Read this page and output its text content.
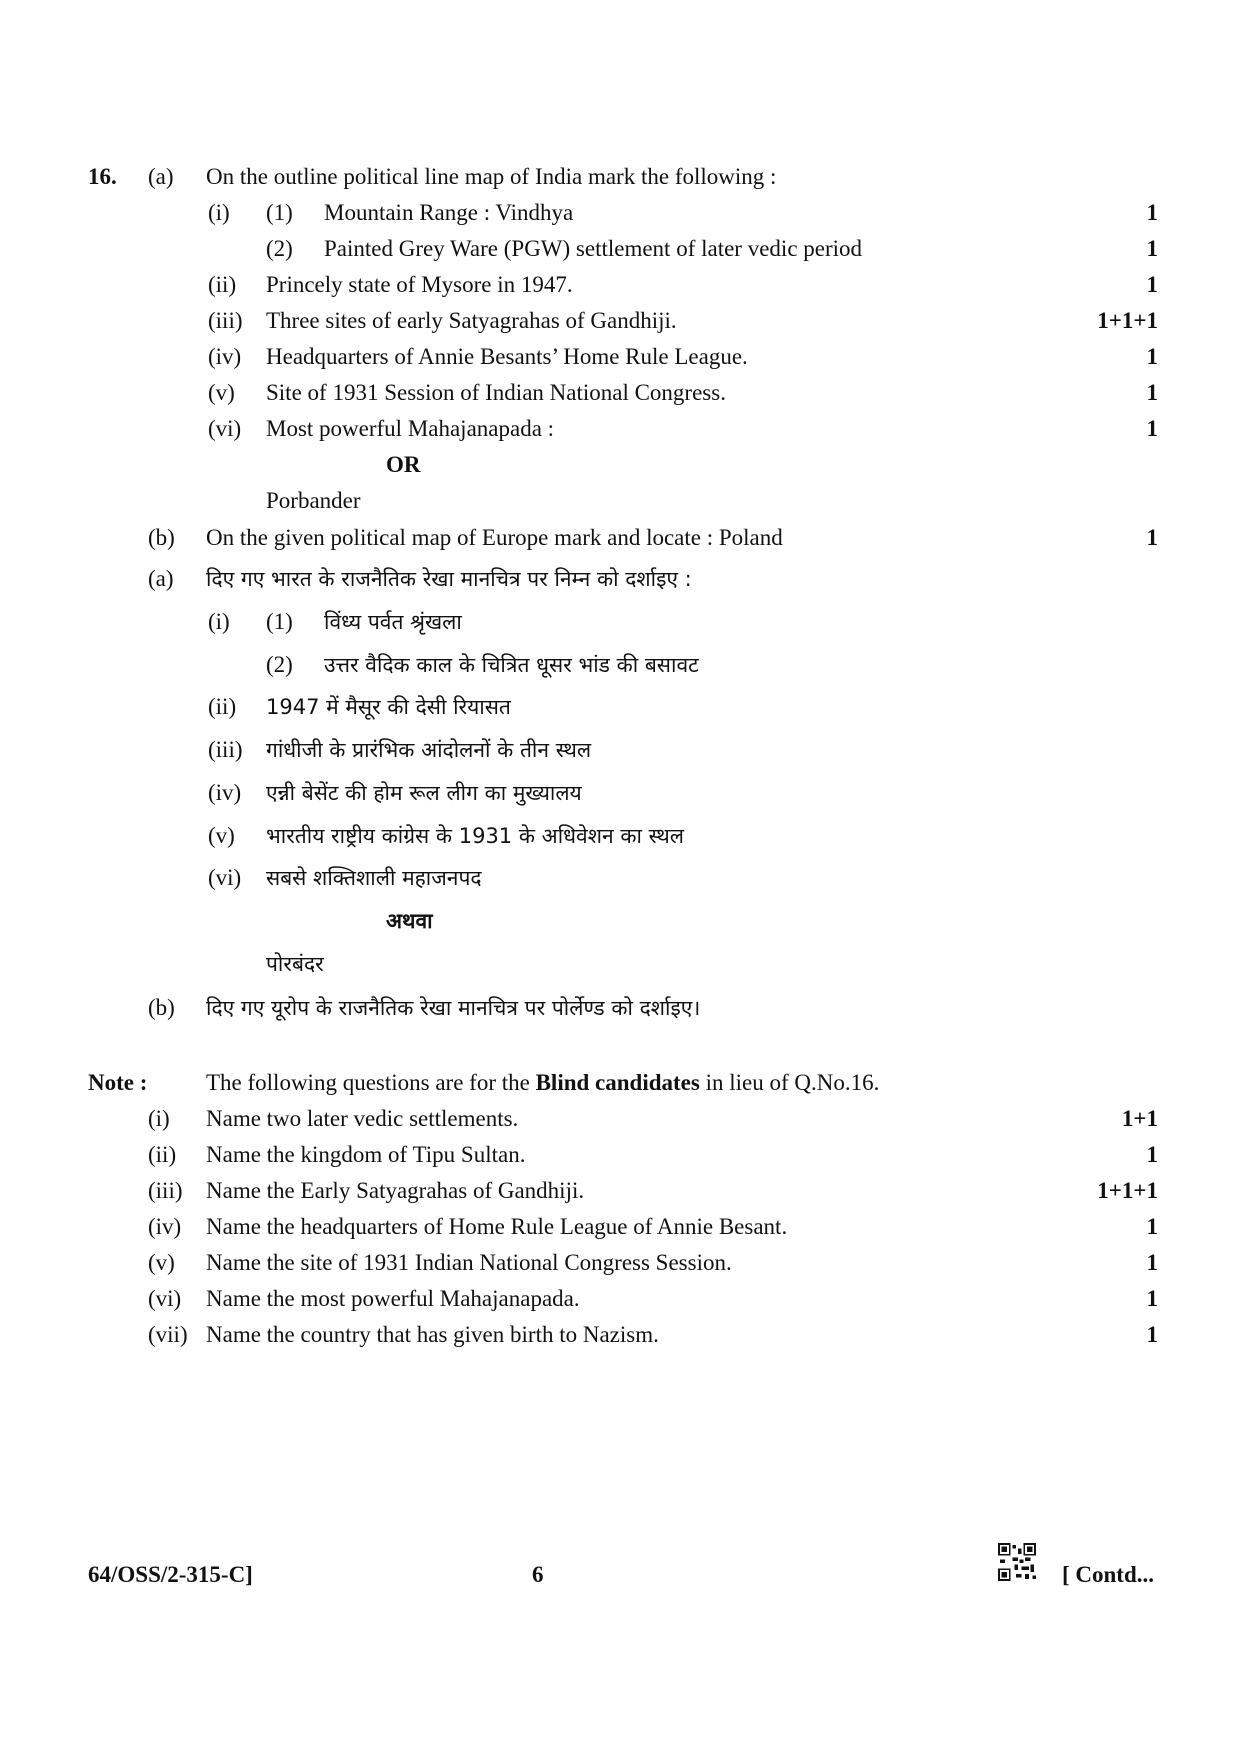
16. (a) On the outline political line map of India mark the following :
(i) (1) Mountain Range : Vindhya	1
(2) Painted Grey Ware (PGW) settlement of later vedic period	1
(ii) Princely state of Mysore in 1947.	1
(iii) Three sites of early Satyagrahas of Gandhiji.	1+1+1
(iv) Headquarters of Annie Besants’ Home Rule League.	1
(v) Site of 1931 Session of Indian National Congress.	1
(vi) Most powerful Mahajanapada :	1
OR
Porbander
(b) On the given political map of Europe mark and locate : Poland	1
(a) दिए गए भारत के राजनैतिक रेखा मानचित्र पर निम्न को दर्शाइए :
(i) (1) विंध्य पर्वत श्रृंखला
(2) उत्तर वैदिक काल के चित्रित धूसर भांड की बसावट
(ii) 1947 में मैसूर की देसी रियासत
(iii) गांधीजी के प्रारंभिक आंदोलनों के तीन स्थल
(iv) एन्नी बेसेंट की होम रूल लीग का मुख्यालय
(v) भारतीय राष्ट्रीय कांग्रेस के 1931 के अधिवेशन का स्थल
(vi) सबसे शक्तिशाली महाजनपद
अथवा
पोरबंदर
(b) दिए गए यूरोप के राजनैतिक रेखा मानचित्र पर पोर्लेण्ड को दर्शाइए।
Note :	The following questions are for the Blind candidates in lieu of Q.No.16.
(i) Name two later vedic settlements.	1+1
(ii) Name the kingdom of Tipu Sultan.	1
(iii) Name the Early Satyagrahas of Gandhiji.	1+1+1
(iv) Name the headquarters of Home Rule League of Annie Besant.	1
(v) Name the site of 1931 Indian National Congress Session.	1
(vi) Name the most powerful Mahajanapada.	1
(vii) Name the country that has given birth to Nazism.	1
64/OSS/2-315-C]	6	[ Contd...
